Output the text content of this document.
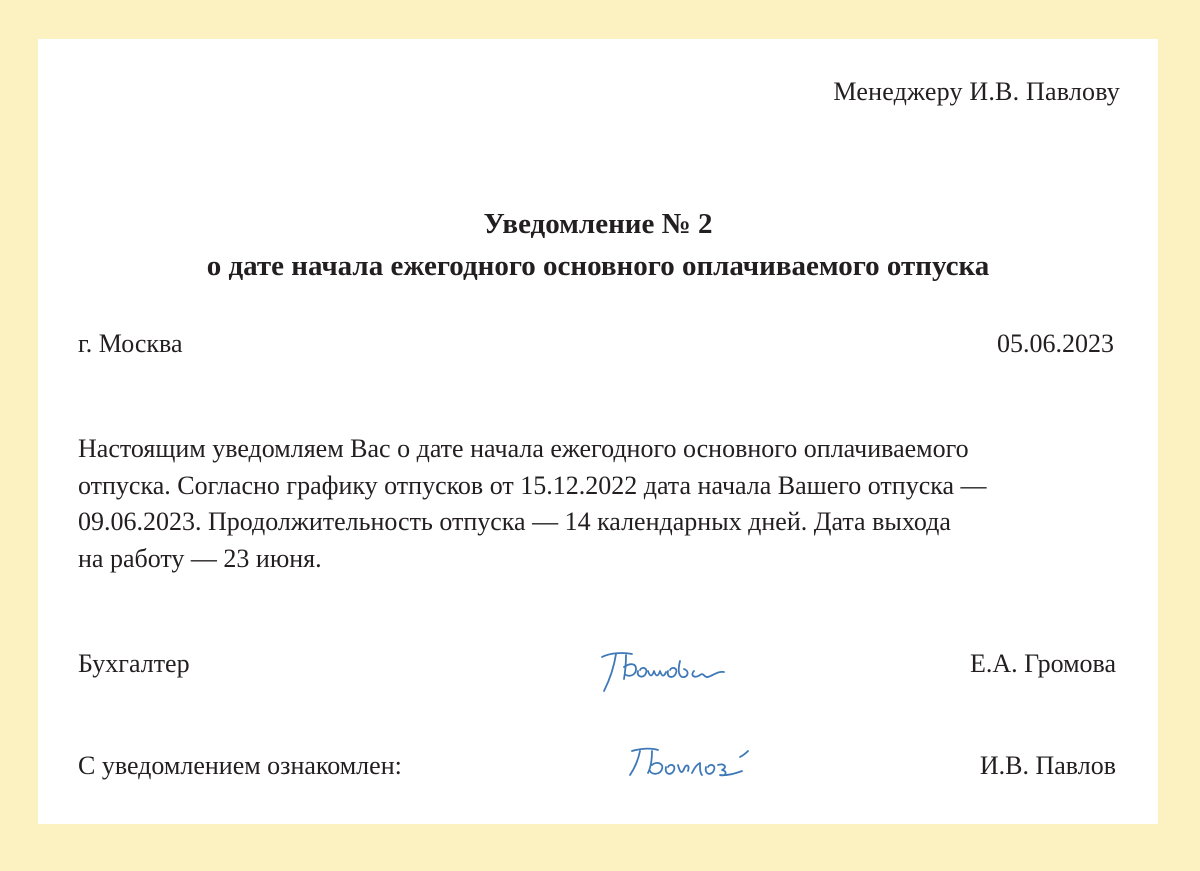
Менеджеру И.В. Павлову
Уведомление № 2
о дате начала ежегодного основного оплачиваемого отпуска
г. Москва	05.06.2023
Настоящим уведомляем Вас о дате начала ежегодного основного оплачиваемого
отпуска. Согласно графику отпусков от 15.12.2022 дата начала Вашего отпуска —
09.06.2023. Продолжительность отпуска — 14 календарных дней. Дата выхода
на работу — 23 июня.
Бухгалтер	Е.А. Громова
С уведомлением ознакомлен:	И.В. Павлов
